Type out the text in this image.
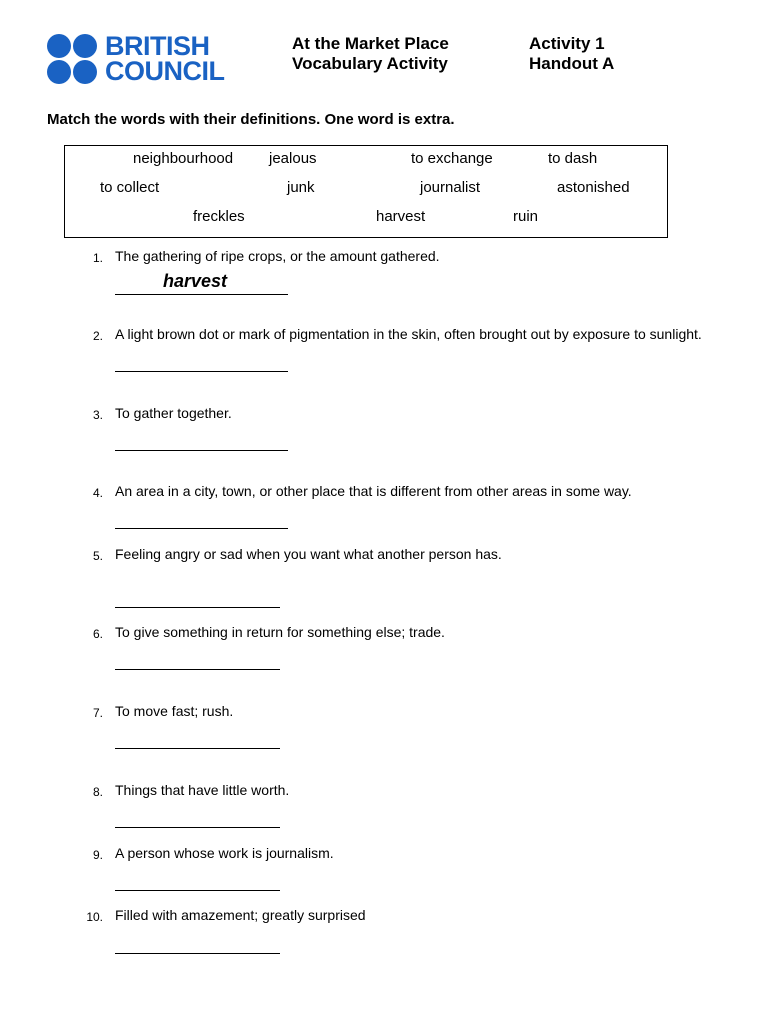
BRITISH
COUNCIL
At the Market Place
Vocabulary Activity
Activity 1
Handout A
Match the words with their definitions. One word is extra.
neighbourhood jealous	to exchange	to dash
to collect	junk	journalist	astonished
freckles	harvest	ruin
1. The gathering of ripe crops, or the amount gathered.
harvest
2. A light brown dot or mark of pigmentation in the skin, often brought out by exposure to sunlight.
3. To gather together.
4. An area in a city, town, or other place that is different from other areas in some way.
5. Feeling angry or sad when you want what another person has.
6. To give something in return for something else; trade.
7. To move fast; rush.
8. Things that have little worth.
9. A person whose work is journalism.
10. Filled with amazement; greatly surprised
